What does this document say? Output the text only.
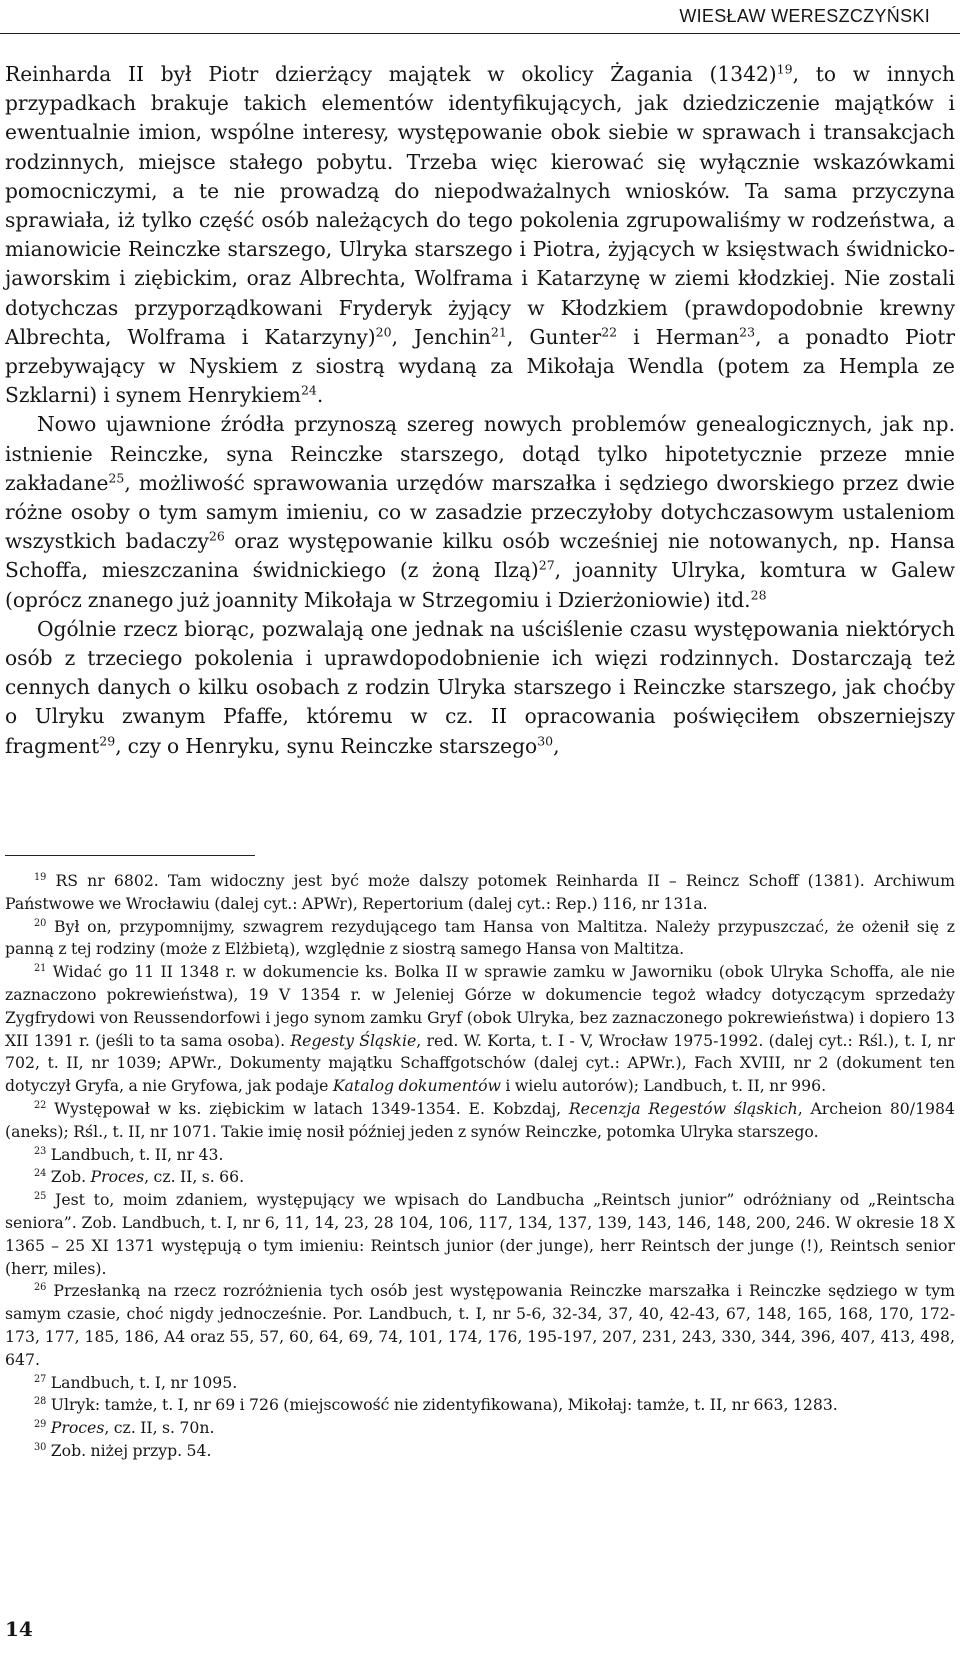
WIESŁAW WERESZCZYŃSKI

Reinharda II był Piotr dzierżący majątek w okolicy Żagania $(1342)^{19}$, to w innych przypadkach brakuje takich elementów identyfikujących, jak dziedziczenie majątków i ewentualnie imion, wspólne interesy, występowanie obok siebie w sprawach i transakcjach rodzinnych, miejsce stałego pobytu. Trzeba więc kierować się wyłącznie wskazówkami pomocniczymi, a te nie prowadzą do niepodważalnych wniosków. Ta sama przyczyna sprawiała, iż tylko część osób należących do tego pokolenia zgrupowaliśmy w rodzeństwa, a mianowicie Reinczke starszego, Ulryka starszego i Piotra, żyjących w księstwach świdnicko-jaworskim i ziębickim, oraz Albrechta, Wolframa i Katarzynę w ziemi kłodzkiej. Nie zostali dotychczas przyporządkowani Fryderyk żyjący w Kłodzkiem (prawdopodobnie krewny Albrechta, Wolframa i Katarzyny)$^{20}$, Jenchin$^{21}$, Gunter$^{22}$ i Herman$^{23}$, a ponadto Piotr przebywający w Nyskiem z siostrą wydaną za Mikołaja Wendla (potem za Hempla ze Szklarni) i synem Henrykiem$^{24}$.

Nowo ujawnione źródła przynoszą szereg nowych problemów genealogicznych, jak np. istnienie Reinczke, syna Reinczke starszego, dotąd tylko hipotetycznie przeze mnie zakładane$^{25}$, możliwość sprawowania urzędów marszałka i sędziego dworskiego przez dwie różne osoby o tym samym imieniu, co w zasadzie przeczyłoby dotychczasowym ustaleniom wszystkich badaczy$^{26}$ oraz występowanie kilku osób wcześniej nie notowanych, np. Hansa Schoffa, mieszczanina świdnickiego (z żoną Ilzą)$^{27}$, joannity Ulryka, komtura w Galew (oprócz znanego już joannity Mikołaja w Strzegomiu i Dzierżoniowie) itd.$^{28}$

Ogólnie rzecz biorąc, pozwalają one jednak na uściślenie czasu występowania niektórych osób z trzeciego pokolenia i uprawdopodobnienie ich więzi rodzinnych. Dostarczają też cennych danych o kilku osobach z rodzin Ulryka starszego i Reinczke starszego, jak choćby o Ulryku zwanym Pfaffe, któremu w cz. II opracowania poświęciłem obszerniejszy fragment$^{29}$, czy o Henryku, synu Reinczke starszego$^{30}$,

$^{19}$ RS nr 6802. Tam widoczny jest być może dalszy potomek Reinharda II – Reincz Schoff (1381). Archiwum Państwowe we Wrocławiu (dalej cyt.: APWr), Repertorium (dalej cyt.: Rep.) 116, nr 131a.

$^{20}$ Był on, przypomnijmy, szwagrem rezydującego tam Hansa von Maltitza. Należy przypuszczać, że ożenił się z panną z tej rodziny (może z Elżbietą), względnie z siostrą samego Hansa von Maltitza.

$^{21}$ Widać go 11 II 1348 r. w dokumencie ks. Bolka II w sprawie zamku w Jaworniku (obok Ulryka Schoffa, ale nie zaznaczono pokrewieństwa), 19 V 1354 r. w Jeleniej Górze w dokumencie tegoż władcy dotyczącym sprzedaży Zygfrydowi von Reussendorfowi i jego synom zamku Gryf (obok Ulryka, bez zaznaczonego pokrewieństwa) i dopiero 13 XII 1391 r. (jeśli to ta sama osoba). Regesty Śląskie, red. W. Korta, t. I - V, Wrocław 1975-1992. (dalej cyt.: Rśl.), t. I, nr 702, t. II, nr 1039; APWr., Dokumenty majątku Schaffgotschów (dalej cyt.: APWr.), Fach XVIII, nr 2 (dokument ten dotyczył Gryfa, a nie Gryfowa, jak podaje Katalog dokumentów i wielu autorów); Landbuch, t. II, nr 996.

$^{22}$ Występował w ks. ziębickim w latach 1349-1354. E. Kobzdaj, Recenzja Regestów śląskich, Archeion 80/1984 (aneks); Rśl., t. II, nr 1071. Takie imię nosił później jeden z synów Reinczke, potomka Ulryka starszego.

$^{23}$ Landbuch, t. II, nr 43.

$^{24}$ Zob. Proces, cz. II, s. 66.

$^{25}$ Jest to, moim zdaniem, występujący we wpisach do Landbucha „Reintsch junior” odróżniany od „Reintscha seniora”. Zob. Landbuch, t. I, nr 6, 11, 14, 23, 28 104, 106, 117, 134, 137, 139, 143, 146, 148, 200, 246. W okresie 18 X 1365 – 25 XI 1371 występują o tym imieniu: Reintsch junior (der junge), herr Reintsch der junge (!), Reintsch senior (herr, miles).

$^{26}$ Przesłanką na rzecz rozróżnienia tych osób jest występowania Reinczke marszałka i Reinczke sędziego w tym samym czasie, choć nigdy jednocześnie. Por. Landbuch, t. I, nr 5-6, 32-34, 37, 40, 42-43, 67, 148, 165, 168, 170, 172-173, 177, 185, 186, A4 oraz 55, 57, 60, 64, 69, 74, 101, 174, 176, 195-197, 207, 231, 243, 330, 344, 396, 407, 413, 498, 647.

$^{27}$ Landbuch, t. I, nr 1095.

$^{28}$ Ulryk: tamże, t. I, nr 69 i 726 (miejscowość nie zidentyfikowana), Mikołaj: tamże, t. II, nr 663, 1283.

$^{29}$ Proces, cz. II, s. 70n.

$^{30}$ Zob. niżej przyp. 54.

14
